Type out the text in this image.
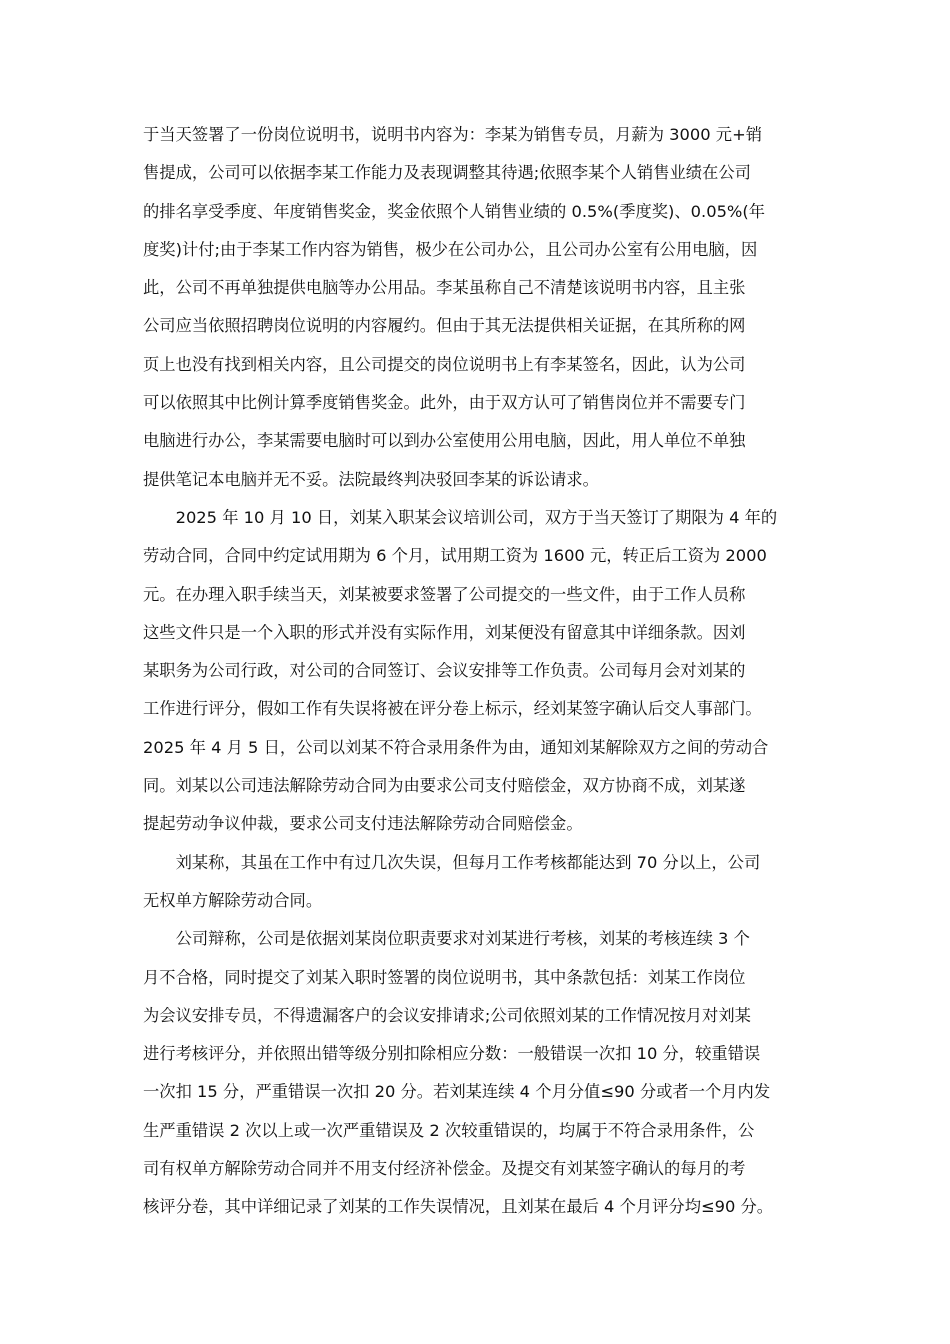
于当天签署了一份岗位说明书，说明书内容为：李某为销售专员，月薪为 3000 元+销
售提成，公司可以依据李某工作能力及表现调整其待遇;依照李某个人销售业绩在公司
的排名享受季度、年度销售奖金，奖金依照个人销售业绩的 0.5%(季度奖)、0.05%(年
度奖)计付;由于李某工作内容为销售，极少在公司办公，且公司办公室有公用电脑，因
此，公司不再单独提供电脑等办公用品。李某虽称自己不清楚该说明书内容，且主张
公司应当依照招聘岗位说明的内容履约。但由于其无法提供相关证据，在其所称的网
页上也没有找到相关内容，且公司提交的岗位说明书上有李某签名，因此，认为公司
可以依照其中比例计算季度销售奖金。此外，由于双方认可了销售岗位并不需要专门
电脑进行办公，李某需要电脑时可以到办公室使用公用电脑，因此，用人单位不单独
提供笔记本电脑并无不妥。法院最终判决驳回李某的诉讼请求。
2025 年 10 月 10 日，刘某入职某会议培训公司，双方于当天签订了期限为 4 年的
劳动合同，合同中约定试用期为 6 个月，试用期工资为 1600 元，转正后工资为 2000
元。在办理入职手续当天，刘某被要求签署了公司提交的一些文件，由于工作人员称
这些文件只是一个入职的形式并没有实际作用，刘某便没有留意其中详细条款。因刘
某职务为公司行政，对公司的合同签订、会议安排等工作负责。公司每月会对刘某的
工作进行评分，假如工作有失误将被在评分卷上标示，经刘某签字确认后交人事部门。
2025 年 4 月 5 日，公司以刘某不符合录用条件为由，通知刘某解除双方之间的劳动合
同。刘某以公司违法解除劳动合同为由要求公司支付赔偿金，双方协商不成，刘某遂
提起劳动争议仲裁，要求公司支付违法解除劳动合同赔偿金。
刘某称，其虽在工作中有过几次失误，但每月工作考核都能达到 70 分以上，公司
无权单方解除劳动合同。
公司辩称，公司是依据刘某岗位职责要求对刘某进行考核，刘某的考核连续 3 个
月不合格，同时提交了刘某入职时签署的岗位说明书，其中条款包括：刘某工作岗位
为会议安排专员，不得遗漏客户的会议安排请求;公司依照刘某的工作情况按月对刘某
进行考核评分，并依照出错等级分别扣除相应分数：一般错误一次扣 10 分，较重错误
一次扣 15 分，严重错误一次扣 20 分。若刘某连续 4 个月分值≤90 分或者一个月内发
生严重错误 2 次以上或一次严重错误及 2 次较重错误的，均属于不符合录用条件，公
司有权单方解除劳动合同并不用支付经济补偿金。及提交有刘某签字确认的每月的考
核评分卷，其中详细记录了刘某的工作失误情况，且刘某在最后 4 个月评分均≤90 分。
